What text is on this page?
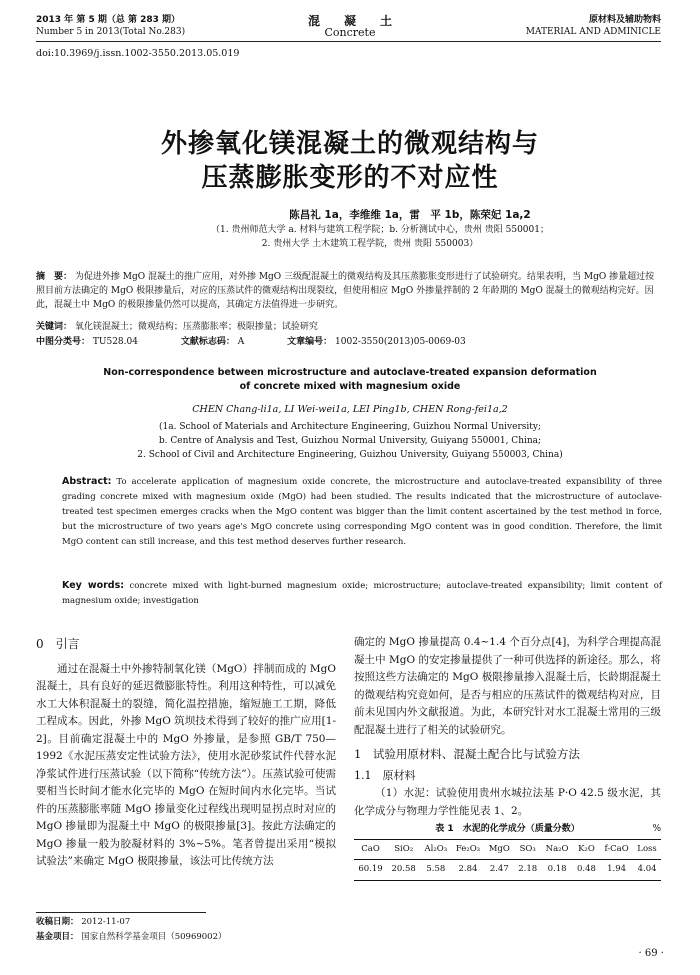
2013 年 第 5 期（总 第 283 期）
Number 5 in 2013(Total No.283)
混　　凝　　土
Concrete
原材料及辅助物料
MATERIAL AND ADMINICLE
doi:10.3969/j.issn.1002-3550.2013.05.019
外掺氧化镁混凝土的微观结构与
压蒸膨胀变形的不对应性
陈昌礼 1a，李维维 1a，雷　平 1b，陈荣妃 1a,2
（1. 贵州师范大学 a. 材料与建筑工程学院；b. 分析测试中心，贵州 贵阳 550001；
2. 贵州大学 土木建筑工程学院，贵州 贵阳 550003）
摘　要： 为促进外掺 MgO 混凝土的推广应用，对外掺 MgO 三级配混凝土的微观结构及其压蒸膨胀变形进行了试验研究。结果表明，当 MgO 掺量超过按照目前方法确定的 MgO 极限掺量后，对应的压蒸试件的微观结构出现裂纹，但使用相应 MgO 外掺量拌制的 2 年龄期的 MgO 混凝土的微观结构完好。因此，混凝土中 MgO 的极限掺量仍然可以提高，其确定方法值得进一步研究。
关键词： 氧化镁混凝土；微观结构；压蒸膨胀率；极限掺量；试验研究
中图分类号： TU528.04	文献标志码： A	文章编号： 1002-3550(2013)05-0069-03
Non-correspondence between microstructure and autoclave-treated expansion deformation
of concrete mixed with magnesium oxide
CHEN Chang-li1a, LI Wei-wei1a, LEI Ping1b, CHEN Rong-fei1a,2
(1a. School of Materials and Architecture Engineering, Guizhou Normal University;
b. Centre of Analysis and Test, Guizhou Normal University, Guiyang 550001, China;
2. School of Civil and Architecture Engineering, Guizhou University, Guiyang 550003, China)
Abstract: To accelerate application of magnesium oxide concrete, the microstructure and autoclave-treated expansibility of three grading concrete mixed with magnesium oxide (MgO) had been studied. The results indicated that the microstructure of autoclave-treated test specimen emerges cracks when the MgO content was bigger than the limit content ascertained by the test method in force, but the microstructure of two years age's MgO concrete using corresponding MgO content was in good condition. Therefore, the limit MgO content can still increase, and this test method deserves further research.
Key words: concrete mixed with light-burned magnesium oxide; microstructure; autoclave-treated expansibility; limit content of magnesium oxide; investigation
0　引言

通过在混凝土中外掺特制氧化镁（MgO）拌制而成的 MgO 混凝土，具有良好的延迟微膨胀特性。利用这种特性，可以减免水工大体积混凝土的裂缝，简化温控措施，缩短施工工期，降低工程成本。因此，外掺 MgO 筑坝技术得到了较好的推广应用[1-2]。目前确定混凝土中的 MgO 外掺量，是参照 GB/T 750—1992《水泥压蒸安定性试验方法》，使用水泥砂浆试件代替水泥净浆试件进行压蒸试验（以下简称“传统方法”）。压蒸试验可使需要相当长时间才能水化完毕的 MgO 在短时间内水化完毕。当试件的压蒸膨胀率随 MgO 掺量变化过程线出现明显拐点时对应的 MgO 掺量即为混凝土中 MgO 的极限掺量[3]。按此方法确定的 MgO 掺量一般为胶凝材料的 3%~5%。笔者曾提出采用“模拟试验法”来确定 MgO 极限掺量，该法可比传统方法

收稿日期： 2012-11-07
基金项目： 国家自然科学基金项目（50969002）

确定的 MgO 掺量提高 0.4~1.4 个百分点[4]，为科学合理提高混凝土中 MgO 的安定掺量提供了一种可供选择的新途径。那么，将按照这些方法确定的 MgO 极限掺量掺入混凝土后，长龄期混凝土的微观结构究竟如何，是否与相应的压蒸试件的微观结构对应，目前未见国内外文献报道。为此，本研究针对水工混凝土常用的三级配混凝土进行了相关的试验研究。

1　试验用原材料、混凝土配合比与试验方法
1.1　原材料

（1）水泥：试验使用贵州水城拉法基 P·O 42.5 级水泥，其化学成分与物理力学性能见表 1、2。

表 1　水泥的化学成分（质量分数）	%
CaO	SiO₂	Al₂O₃	Fe₂O₃	MgO	SO₃	Na₂O	K₂O	f-CaO	Loss
60.19	20.58	5.58	2.84	2.47	2.18	0.18	0.48	1.94	4.04
· 69 ·
